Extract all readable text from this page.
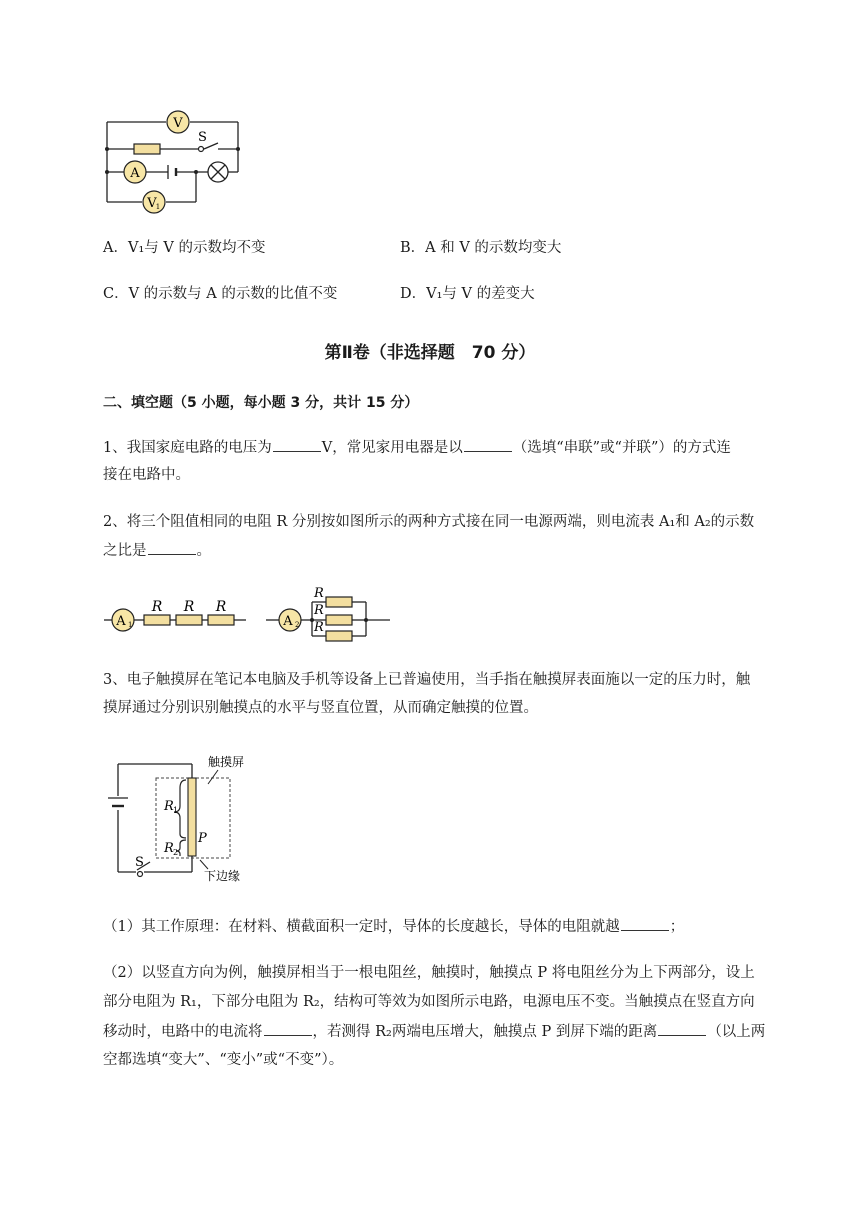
V
A
V 1
S
A．V₁与 V 的示数均不变	B．A 和 V 的示数均变大
C．V 的示数与 A 的示数的比值不变	D．V₁与 V 的差变大
第Ⅱ卷（非选择题　70 分）
二、填空题（5 小题，每小题 3 分，共计 15 分）
1、我国家庭电路的电压为	V，常见家用电器是以	（选填“串联”或“并联”）的方式连
接在电路中。
2、将三个阻值相同的电阻 R 分别按如图所示的两种方式接在同一电源两端，则电流表 A₁和 A₂的示数
之比是	。
A 1
R R R
A 2
R
R
R
3、电子触摸屏在笔记本电脑及手机等设备上已普遍使用，当手指在触摸屏表面施以一定的压力时，触
摸屏通过分别识别触摸点的水平与竖直位置，从而确定触摸的位置。
R 1
R 2
P
S
触摸屏
下边缘
（1）其工作原理：在材料、横截面积一定时，导体的长度越长，导体的电阻就越	；
（2）以竖直方向为例，触摸屏相当于一根电阻丝，触摸时，触摸点 P 将电阻丝分为上下两部分，设上
部分电阻为 R₁，下部分电阻为 R₂，结构可等效为如图所示电路，电源电压不变。当触摸点在竖直方向
移动时，电路中的电流将	，若测得 R₂两端电压增大，触摸点 P 到屏下端的距离	（以上两
空都选填“变大”、“变小”或“不变”）。
